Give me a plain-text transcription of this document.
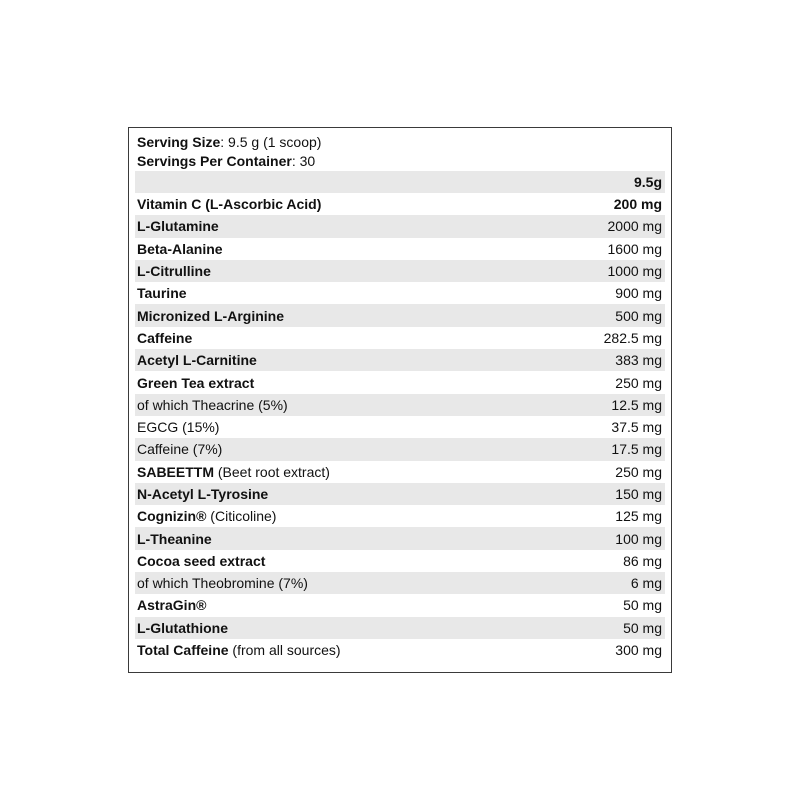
Serving Size: 9.5 g (1 scoop)
Servings Per Container: 30
9.5g
Vitamin C (L-Ascorbic Acid)	200 mg
L-Glutamine	2000 mg
Beta-Alanine	1600 mg
L-Citrulline	1000 mg
Taurine	900 mg
Micronized L-Arginine	500 mg
Caffeine	282.5 mg
Acetyl L-Carnitine	383 mg
Green Tea extract	250 mg
of which Theacrine (5%)	12.5 mg
EGCG (15%)	37.5 mg
Caffeine (7%)	17.5 mg
SABEETTM (Beet root extract)	250 mg
N-Acetyl L-Tyrosine	150 mg
Cognizin® (Citicoline)	125 mg
L-Theanine	100 mg
Cocoa seed extract	86 mg
of which Theobromine (7%)	6 mg
AstraGin®	50 mg
L-Glutathione	50 mg
Total Caffeine (from all sources)	300 mg
